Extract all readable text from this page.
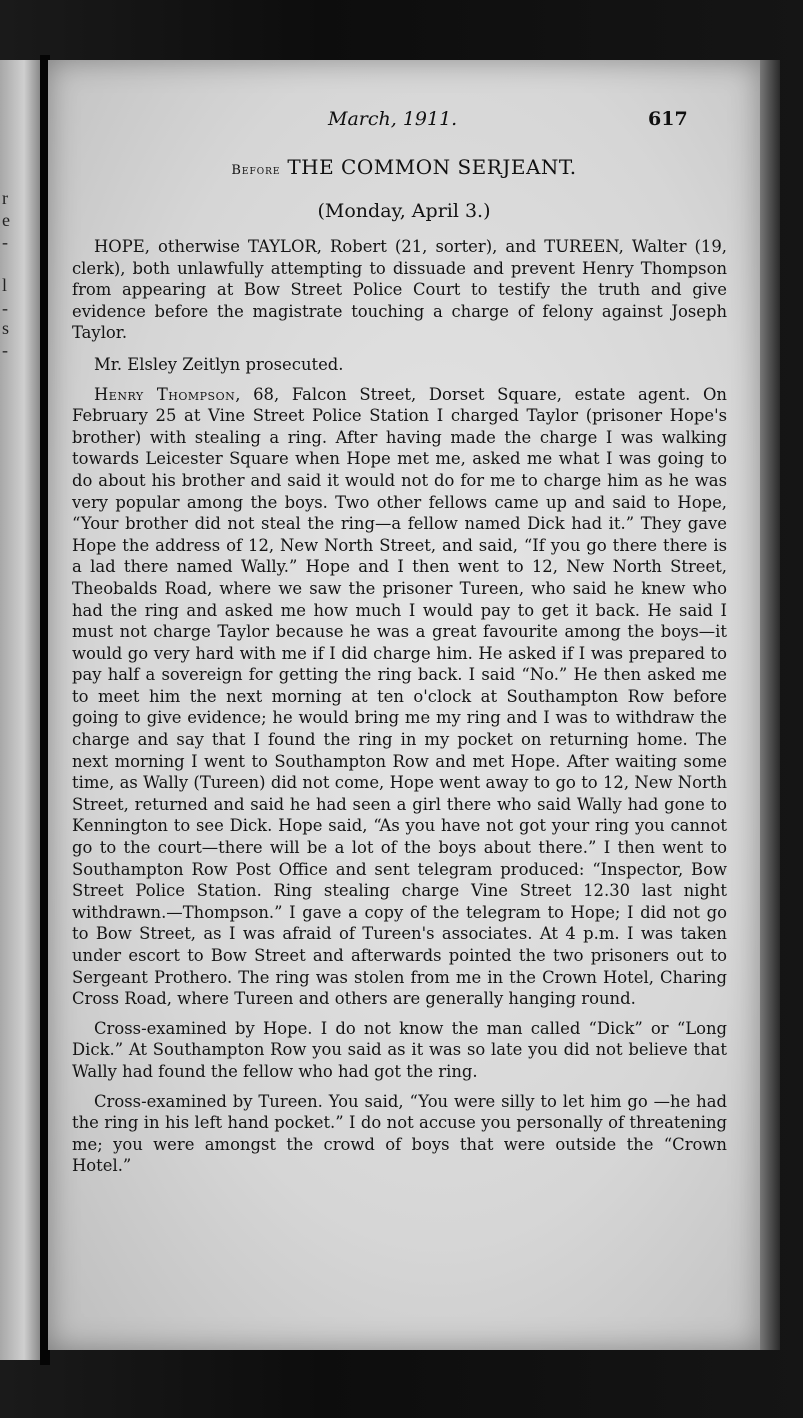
r
e
-
l
-
s
-
March, 1911.	617
Before THE COMMON SERJEANT.
(Monday, April 3.)

HOPE, otherwise TAYLOR, Robert (21, sorter), and TUREEN, Walter (19, clerk), both unlawfully attempting to dissuade and prevent Henry Thompson from appearing at Bow Street Police Court to testify the truth and give evidence before the magistrate touching a charge of felony against Joseph Taylor.

Mr. Elsley Zeitlyn prosecuted.

Henry Thompson, 68, Falcon Street, Dorset Square, estate agent. On February 25 at Vine Street Police Station I charged Taylor (prisoner Hope's brother) with stealing a ring. After having made the charge I was walking towards Leicester Square when Hope met me, asked me what I was going to do about his brother and said it would not do for me to charge him as he was very popular among the boys. Two other fellows came up and said to Hope, “Your brother did not steal the ring—a fellow named Dick had it.” They gave Hope the address of 12, New North Street, and said, “If you go there there is a lad there named Wally.” Hope and I then went to 12, New North Street, Theobalds Road, where we saw the prisoner Tureen, who said he knew who had the ring and asked me how much I would pay to get it back. He said I must not charge Taylor because he was a great favourite among the boys—it would go very hard with me if I did charge him. He asked if I was prepared to pay half a sovereign for getting the ring back. I said “No.” He then asked me to meet him the next morning at ten o'clock at Southampton Row before going to give evidence; he would bring me my ring and I was to withdraw the charge and say that I found the ring in my pocket on returning home. The next morning I went to Southampton Row and met Hope. After waiting some time, as Wally (Tureen) did not come, Hope went away to go to 12, New North Street, returned and said he had seen a girl there who said Wally had gone to Kennington to see Dick. Hope said, “As you have not got your ring you cannot go to the court—there will be a lot of the boys about there.” I then went to Southampton Row Post Office and sent telegram produced: “Inspector, Bow Street Police Station. Ring stealing charge Vine Street 12.30 last night withdrawn.—Thompson.” I gave a copy of the telegram to Hope; I did not go to Bow Street, as I was afraid of Tureen's associates. At 4 p.m. I was taken under escort to Bow Street and afterwards pointed the two prisoners out to Sergeant Prothero. The ring was stolen from me in the Crown Hotel, Charing Cross Road, where Tureen and others are generally hanging round.

Cross-examined by Hope. I do not know the man called “Dick” or “Long Dick.” At Southampton Row you said as it was so late you did not believe that Wally had found the fellow who had got the ring.

Cross-examined by Tureen. You said, “You were silly to let him go —he had the ring in his left hand pocket.” I do not accuse you personally of threatening me; you were amongst the crowd of boys that were outside the “Crown Hotel.”
